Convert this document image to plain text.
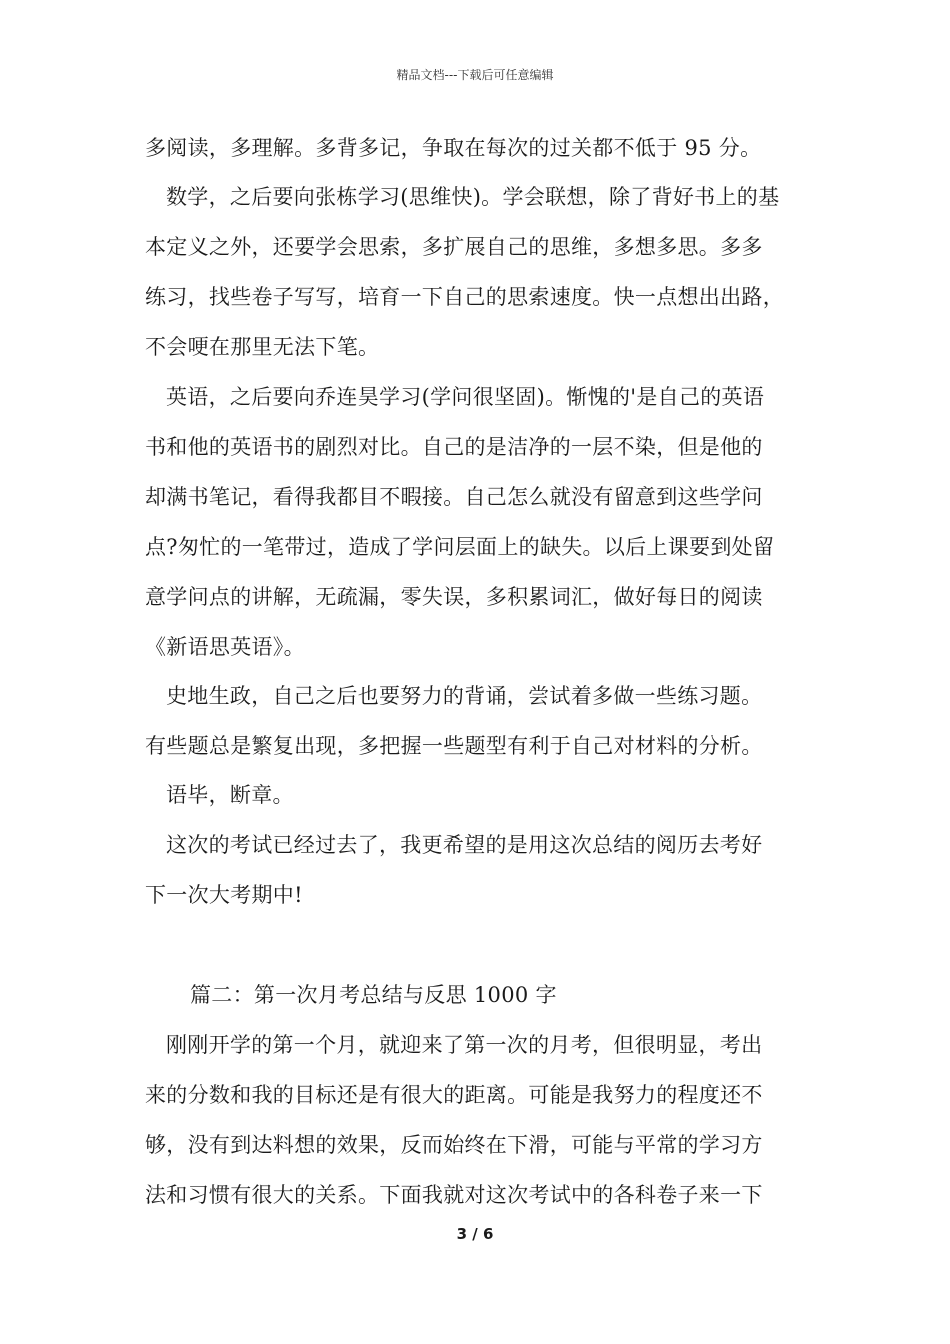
精品文档---下载后可任意编辑
多阅读，多理解。多背多记，争取在每次的过关都不低于 95 分。
数学，之后要向张栋学习(思维快)。学会联想，除了背好书上的基
本定义之外，还要学会思索，多扩展自己的思维，多想多思。多多
练习，找些卷子写写，培育一下自己的思索速度。快一点想出出路，
不会哽在那里无法下笔。
英语，之后要向乔连昊学习(学问很坚固)。惭愧的'是自己的英语
书和他的英语书的剧烈对比。自己的是洁净的一层不染，但是他的
却满书笔记，看得我都目不暇接。自己怎么就没有留意到这些学问
点?匆忙的一笔带过，造成了学问层面上的缺失。以后上课要到处留
意学问点的讲解，无疏漏，零失误，多积累词汇，做好每日的阅读
《新语思英语》。
史地生政，自己之后也要努力的背诵，尝试着多做一些练习题。
有些题总是繁复出现，多把握一些题型有利于自己对材料的分析。
语毕，断章。
这次的考试已经过去了，我更希望的是用这次总结的阅历去考好
下一次大考期中!
篇二：第一次月考总结与反思 1000 字
刚刚开学的第一个月，就迎来了第一次的月考，但很明显，考出
来的分数和我的目标还是有很大的距离。可能是我努力的程度还不
够，没有到达料想的效果，反而始终在下滑，可能与平常的学习方
法和习惯有很大的关系。下面我就对这次考试中的各科卷子来一下
3 / 6
